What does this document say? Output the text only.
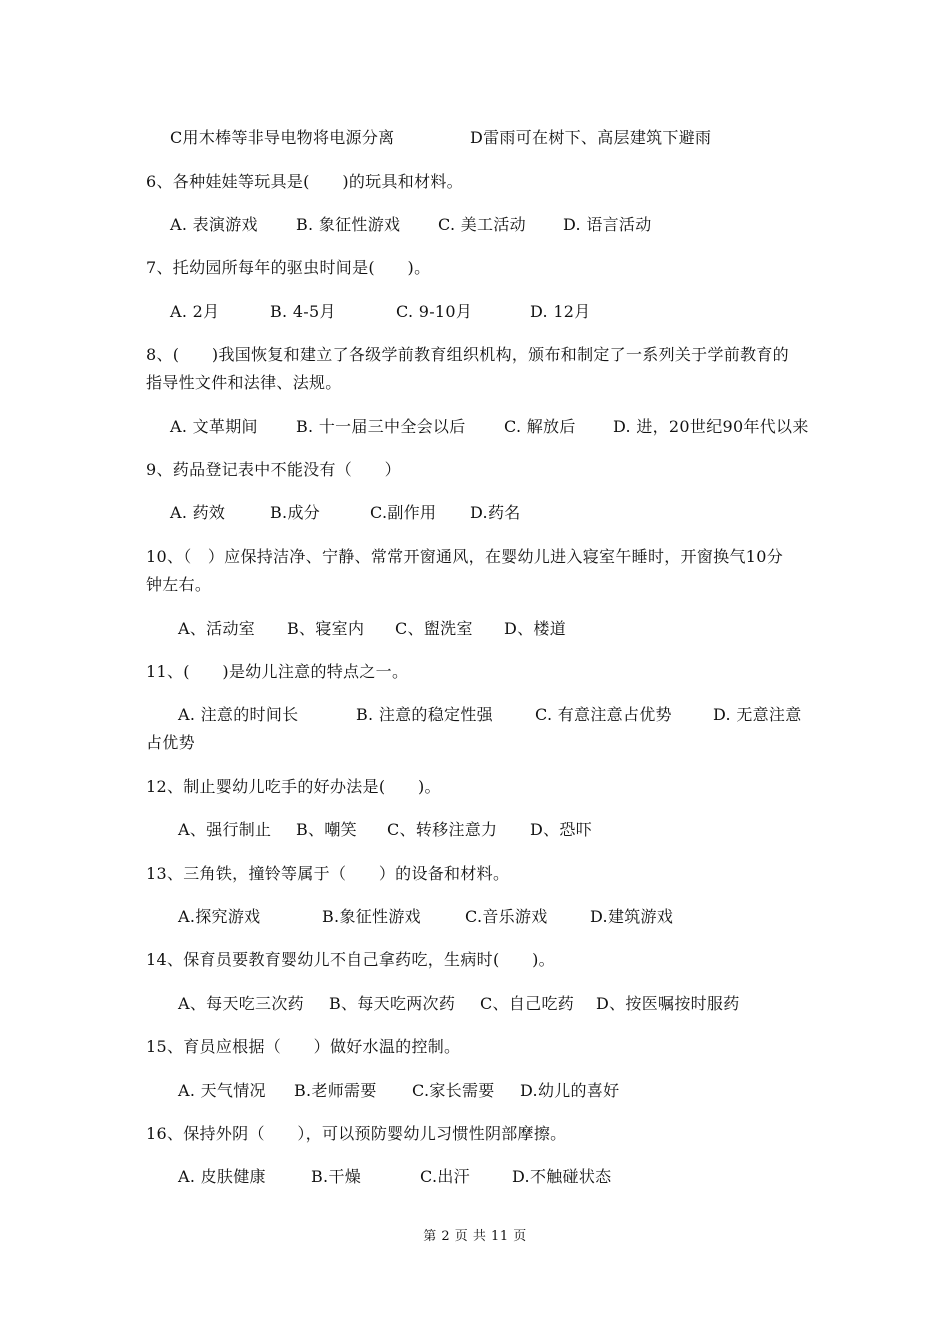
C用木棒等非导电物将电源分离	D雷雨可在树下、高层建筑下避雨
6、各种娃娃等玩具是(　　)的玩具和材料。
A. 表演游戏 B. 象征性游戏 C. 美工活动 D. 语言活动
7、托幼园所每年的驱虫时间是(　　)。
A. 2月	B. 4-5月	C. 9-10月	D. 12月
8、(　　)我国恢复和建立了各级学前教育组织机构，颁布和制定了一系列关于学前教育的
指导性文件和法律、法规。
A. 文革期间 B. 十一届三中全会以后 C. 解放后 D. 进，20世纪90年代以来
9、药品登记表中不能没有（　　）
A. 药效	B.成分	C.副作用 D.药名
10、（　）应保持洁净、宁静、常常开窗通风，在婴幼儿进入寝室午睡时，开窗换气10分
钟左右。
A、活动室 B、寝室内 C、盥洗室 D、楼道
11、(　　)是幼儿注意的特点之一。
A. 注意的时间长	B. 注意的稳定性强	C. 有意注意占优势	D. 无意注意
占优势
12、制止婴幼儿吃手的好办法是(　　)。
A、强行制止 B、嘲笑 C、转移注意力 D、恐吓
13、三角铁，撞铃等属于（　　）的设备和材料。
A.探究游戏	B.象征性游戏	C.音乐游戏	D.建筑游戏
14、保育员要教育婴幼儿不自己拿药吃，生病时(　　)。
A、每天吃三次药 B、每天吃两次药 C、自己吃药 D、按医嘱按时服药
15、育员应根据（　　）做好水温的控制。
A. 天气情况 B.老师需要 C.家长需要 D.幼儿的喜好
16、保持外阴（　　），可以预防婴幼儿习惯性阴部摩擦。
A. 皮肤健康	B.干燥	C.出汗	D.不触碰状态
第 2 页 共 11 页
